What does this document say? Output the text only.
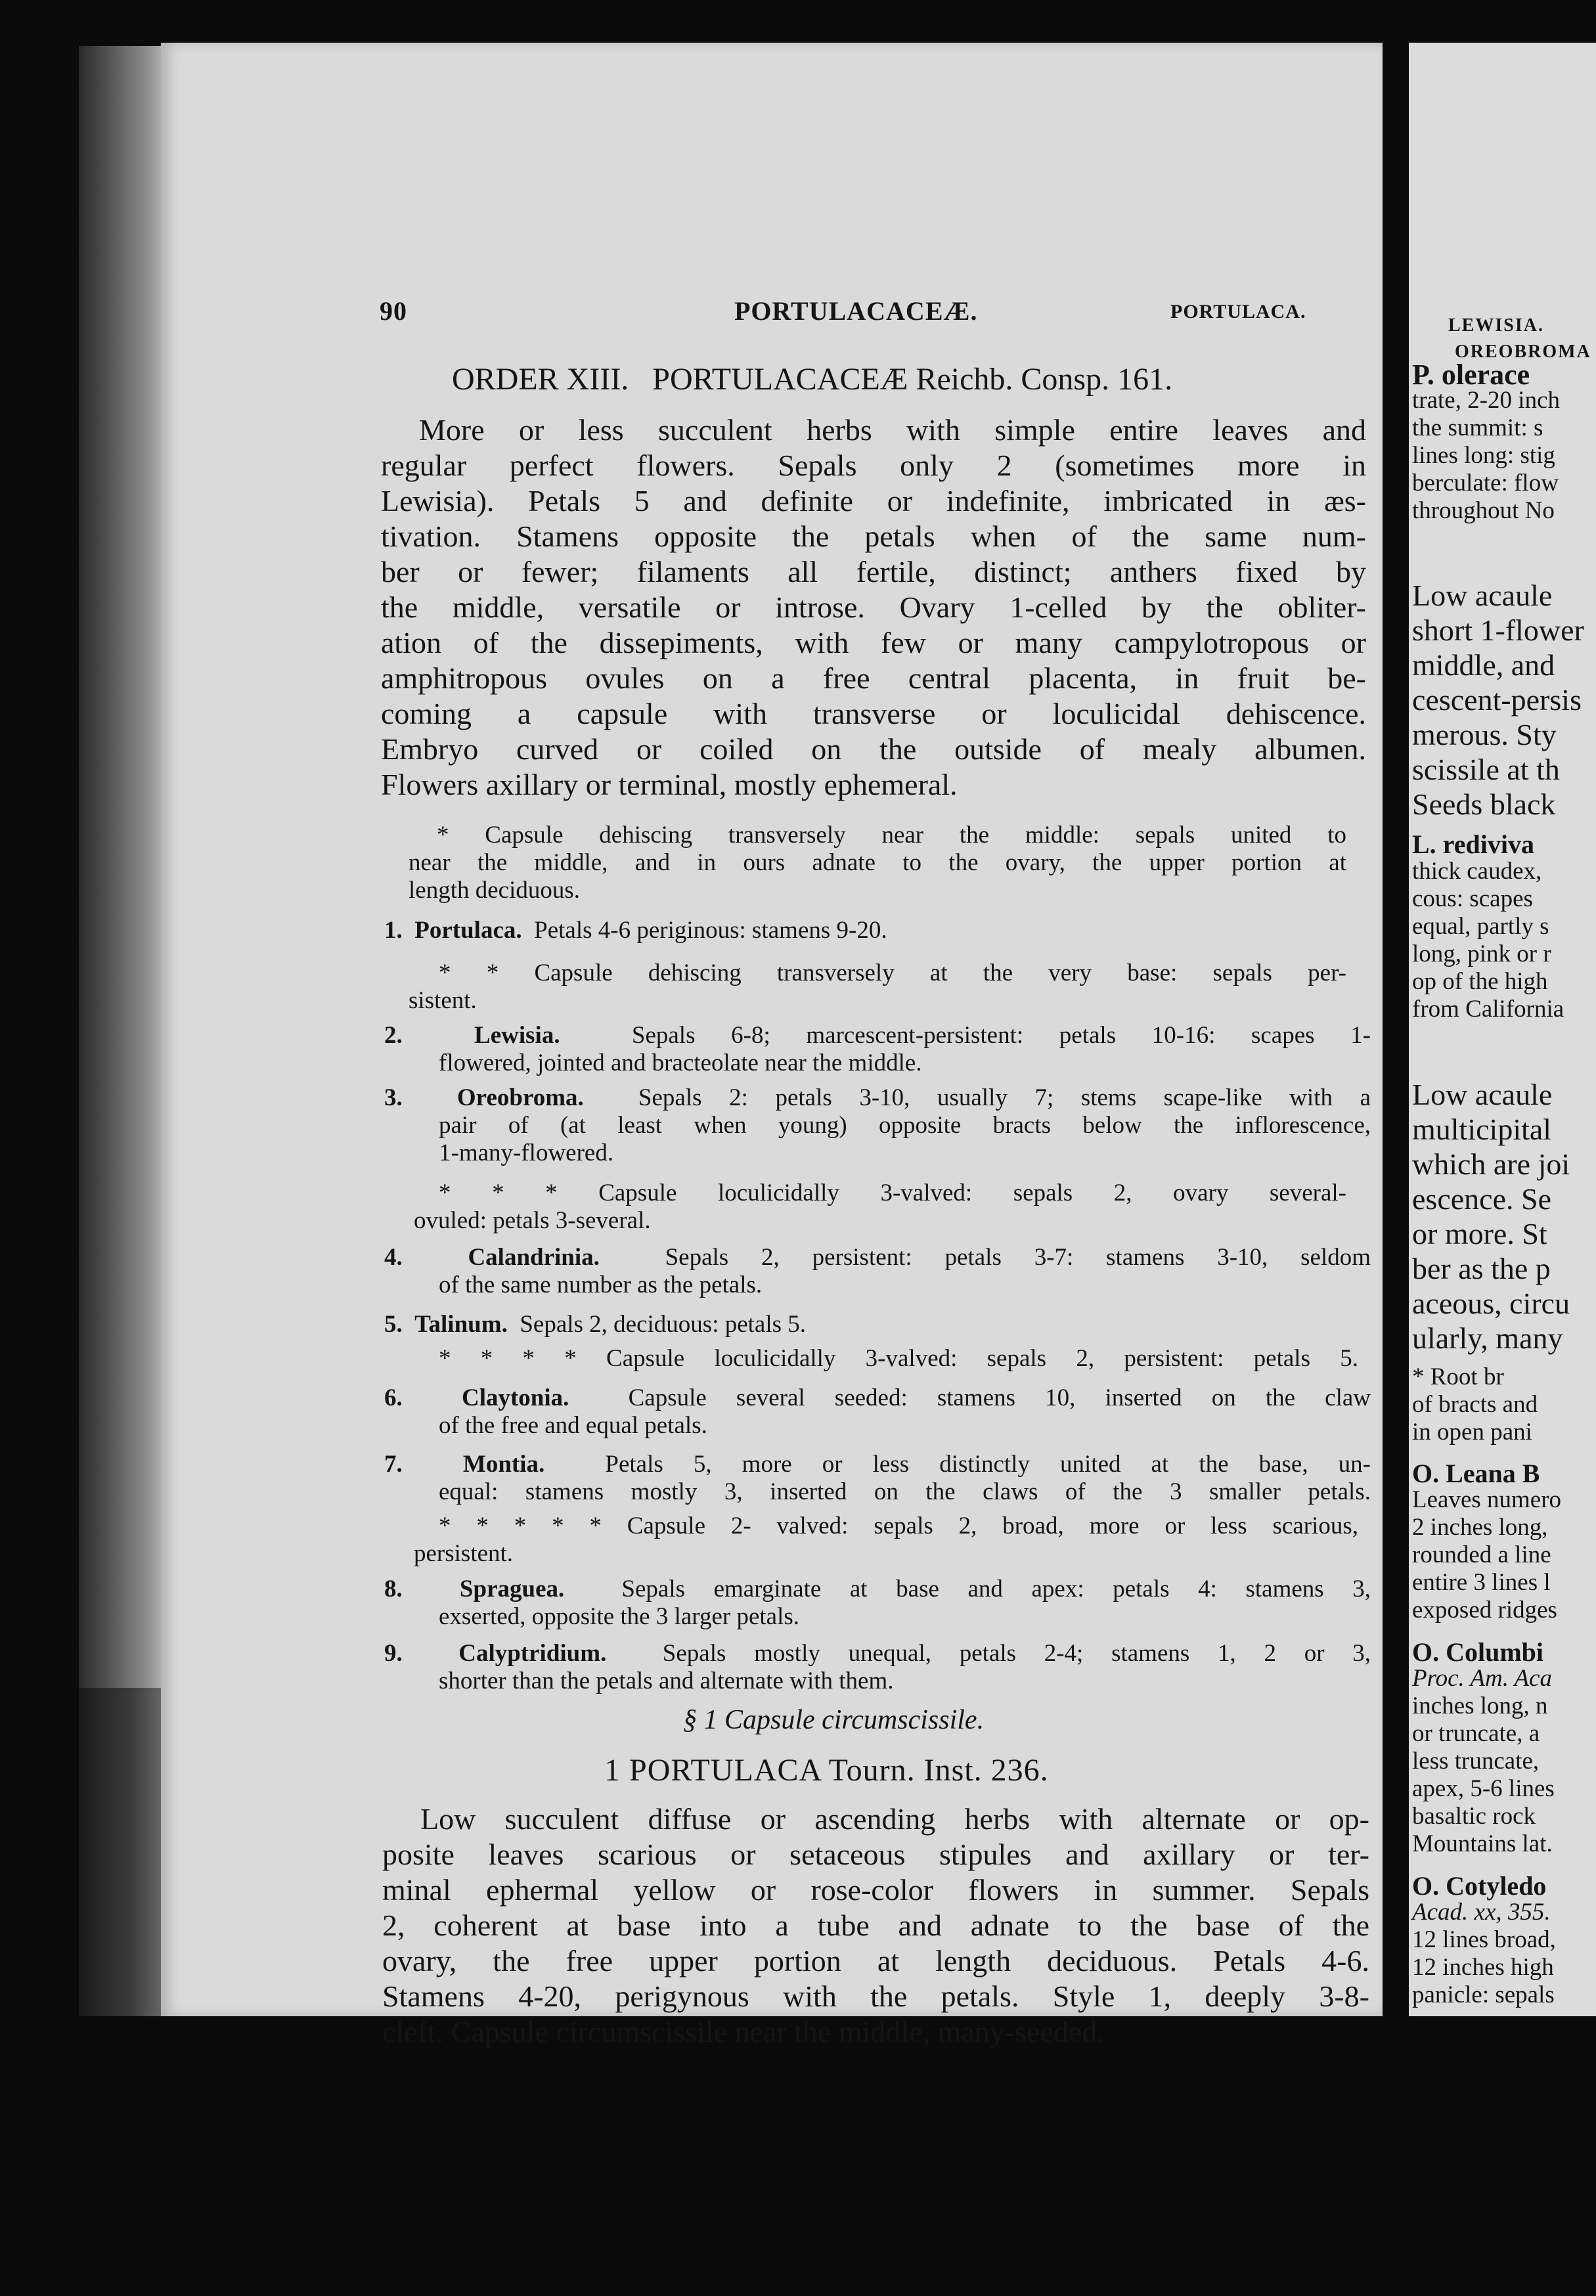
90	PORTULACACEÆ.	PORTULACA.
ORDER XIII.   PORTULACACEÆ Reichb. Consp. 161.
More or less succulent herbs with simple entire leaves and
regular perfect flowers. Sepals only 2 (sometimes more in
Lewisia). Petals 5 and definite or indefinite, imbricated in æs-
tivation. Stamens opposite the petals when of the same num-
ber or fewer; filaments all fertile, distinct; anthers fixed by
the middle, versatile or introse. Ovary 1-celled by the obliter-
ation of the dissepiments, with few or many campylotropous or
amphitropous ovules on a free central placenta, in fruit be-
coming a capsule with transverse or loculicidal dehiscence.
Embryo curved or coiled on the outside of mealy albumen.
Flowers axillary or terminal, mostly ephemeral.
* Capsule dehiscing transversely near the middle: sepals united to
near the middle, and in ours adnate to the ovary, the upper portion at
length deciduous.
1. Portulaca. Petals 4-6 periginous: stamens 9-20.
* * Capsule dehiscing transversely at the very base: sepals per-
sistent.
2.	Lewisia.	Sepals 6-8; marcescent-persistent: petals 10-16: scapes 1-
flowered, jointed and bracteolate near the middle.
3. Oreobroma. Sepals 2: petals 3-10, usually 7; stems scape-like with a
pair of (at least when young) opposite bracts below the inflorescence,
1-many-flowered.
* * * Capsule loculicidally 3-valved: sepals 2, ovary several-
ovuled: petals 3-several.
4.	Calandrinia.	Sepals 2, persistent: petals 3-7: stamens 3-10, seldom
of the same number as the petals.
5. Talinum. Sepals 2, deciduous: petals 5.
* * * * Capsule loculicidally 3-valved: sepals 2, persistent: petals 5.
6. Claytonia. Capsule several seeded: stamens 10, inserted on the claw
of the free and equal petals.
7. Montia. Petals 5, more or less distinctly united at the base, un-
equal: stamens mostly 3, inserted on the claws of the 3 smaller petals.
* * * * * Capsule 2- valved: sepals 2, broad, more or less scarious,
persistent.
8. Spraguea. Sepals emarginate at base and apex: petals 4: stamens 3,
exserted, opposite the 3 larger petals.
9. Calyptridium. Sepals mostly unequal, petals 2-4; stamens 1, 2 or 3,
shorter than the petals and alternate with them.
§ 1 Capsule circumscissile.
1 PORTULACA Tourn. Inst. 236.
Low succulent diffuse or ascending herbs with alternate or op-
posite leaves scarious or setaceous stipules and axillary or ter-
minal ephermal yellow or rose-color flowers in summer. Sepals
2, coherent at base into a tube and adnate to the base of the
ovary, the free upper portion at length deciduous. Petals 4-6.
Stamens 4-20, perigynous with the petals. Style 1, deeply 3-8-
cleft. Capsule circumscissile near the middle, many-seeded.
LEWISIA.
OREOBROMA
P. olerace
trate, 2-20 inch
the summit: s
lines long: stig
berculate: flow
throughout No
Low acaule
short 1-flower
middle, and
cescent-persis
merous. Sty
scissile at th
Seeds black
L. rediviva
thick caudex,
cous: scapes
equal, partly s
long, pink or r
op of the high
from California
Low acaule
multicipital
which are joi
escence. Se
or more. St
ber as the p
aceous, circu
ularly, many
* Root br
of bracts and
in open pani
O. Leana B
Leaves numero
2 inches long,
rounded a line
entire 3 lines l
exposed ridges
O. Columbi
Proc. Am. Aca
inches long, n
or truncate, a
less truncate,
apex, 5-6 lines
basaltic rock
Mountains lat.
O. Cotyledo
Acad. xx, 355.
12 lines broad,
12 inches high
panicle: sepals
